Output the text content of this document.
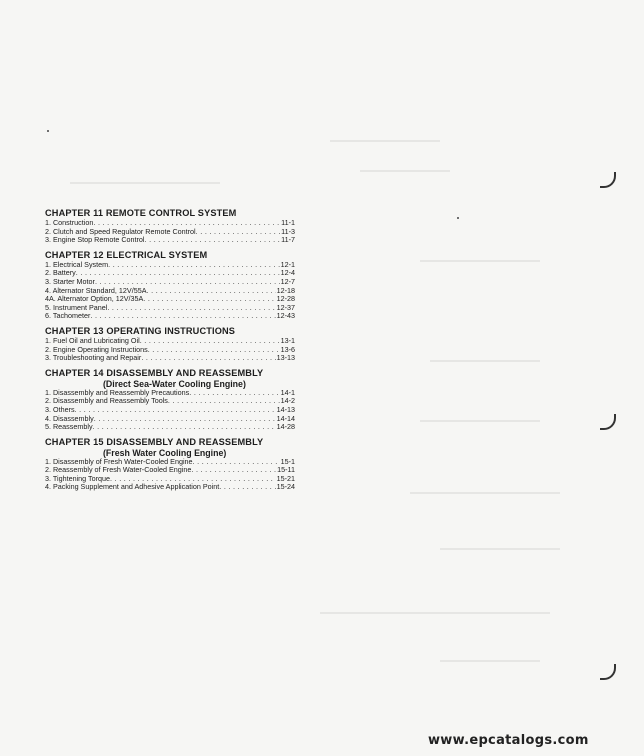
CHAPTER 11 REMOTE CONTROL SYSTEM
1. Construction . . .	11-1
2. Clutch and Speed Regulator Remote Control . . .	11-3
3. Engine Stop Remote Control . . .	11-7
CHAPTER 12 ELECTRICAL SYSTEM
1. Electrical System . . .	12-1
2. Battery . . .	12-4
3. Starter Motor . . .	12-7
4. Alternator Standard, 12V/55A . . .	12-18
4A. Alternator Option, 12V/35A . . .	12-28
5. Instrument Panel . . .	12-37
6. Tachometer . . .	12-43
CHAPTER 13 OPERATING INSTRUCTIONS
1. Fuel Oil and Lubricating Oil . . .	13-1
2. Engine Operating Instructions . . .	13-6
3. Troubleshooting and Repair . . .	13-13
CHAPTER 14 DISASSEMBLY AND REASSEMBLY
(Direct Sea-Water Cooling Engine)
1. Disassembly and Reassembly Precautions . . .	14-1
2. Disassembly and Reassembly Tools . . .	14-2
3. Others . . .	14-13
4. Disassembly . . .	14-14
5. Reassembly . . .	14-28
CHAPTER 15 DISASSEMBLY AND REASSEMBLY
(Fresh Water Cooling Engine)
1. Disassembly of Fresh Water-Cooled Engine . . .	15-1
2. Reassembly of Fresh Water-Cooled Engine . . .	15-11
3. Tightening Torque . . .	15-21
4. Packing Supplement and Adhesive Application Point . . .	15-24
www.epcatalogs.com
